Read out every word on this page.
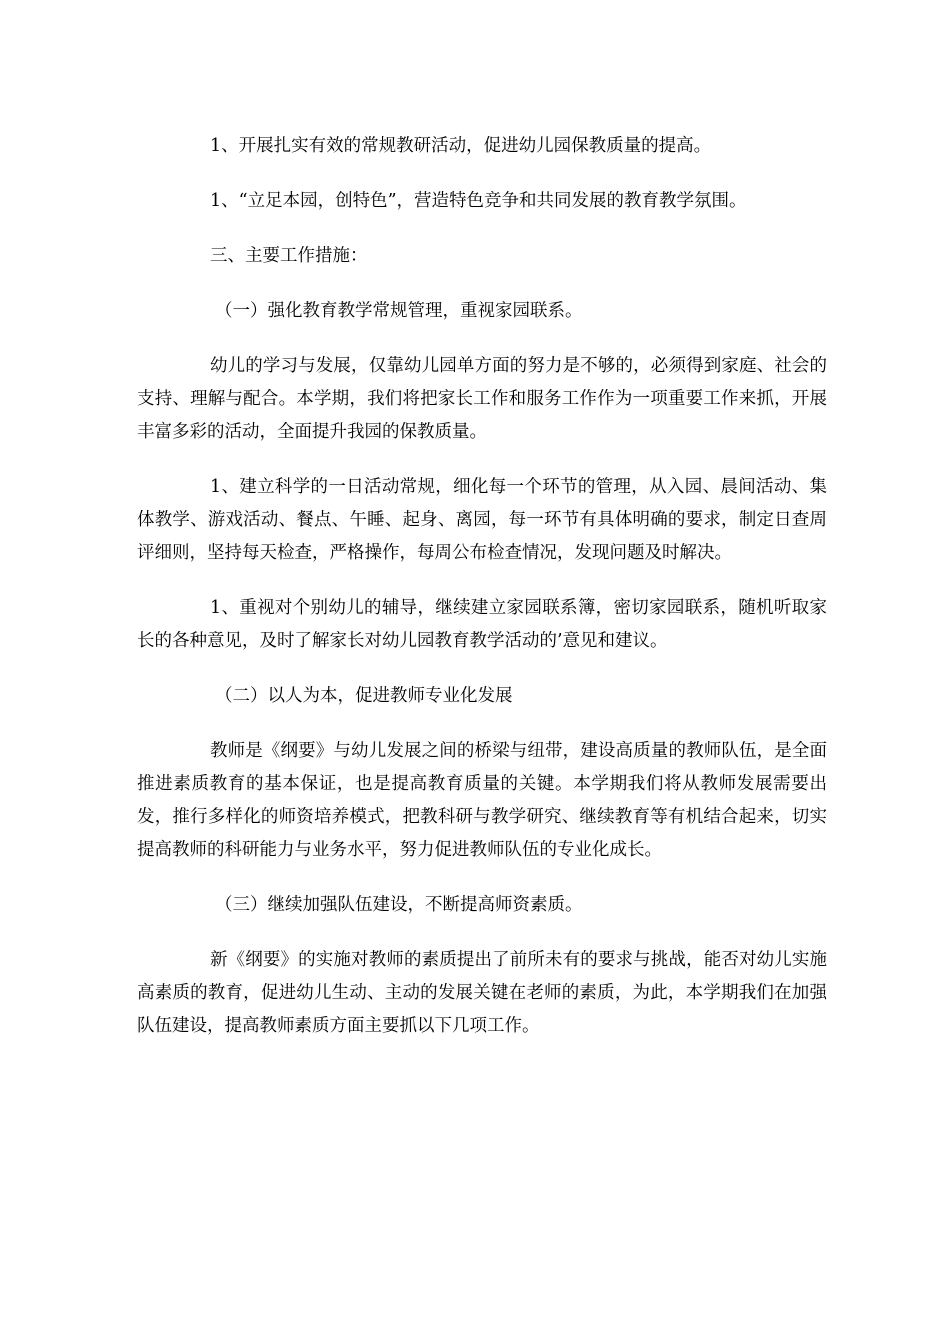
1、开展扎实有效的常规教研活动，促进幼儿园保教质量的提高。

1、“立足本园，创特色”，营造特色竞争和共同发展的教育教学氛围。

三、主要工作措施：

（一）强化教育教学常规管理，重视家园联系。

幼儿的学习与发展，仅靠幼儿园单方面的努力是不够的，必须得到家庭、社会的支持、理解与配合。本学期，我们将把家长工作和服务工作作为一项重要工作来抓，开展丰富多彩的活动，全面提升我园的保教质量。

1、建立科学的一日活动常规，细化每一个环节的管理，从入园、晨间活动、集体教学、游戏活动、餐点、午睡、起身、离园，每一环节有具体明确的要求，制定日查周评细则，坚持每天检查，严格操作，每周公布检查情况，发现问题及时解决。

1、重视对个别幼儿的辅导，继续建立家园联系簿，密切家园联系，随机听取家长的各种意见，及时了解家长对幼儿园教育教学活动的’意见和建议。

（二）以人为本，促进教师专业化发展

教师是《纲要》与幼儿发展之间的桥梁与纽带，建设高质量的教师队伍，是全面推进素质教育的基本保证，也是提高教育质量的关键。本学期我们将从教师发展需要出发，推行多样化的师资培养模式，把教科研与教学研究、继续教育等有机结合起来，切实提高教师的科研能力与业务水平，努力促进教师队伍的专业化成长。

（三）继续加强队伍建设，不断提高师资素质。

新《纲要》的实施对教师的素质提出了前所未有的要求与挑战，能否对幼儿实施高素质的教育，促进幼儿生动、主动的发展关键在老师的素质，为此，本学期我们在加强队伍建设，提高教师素质方面主要抓以下几项工作。
